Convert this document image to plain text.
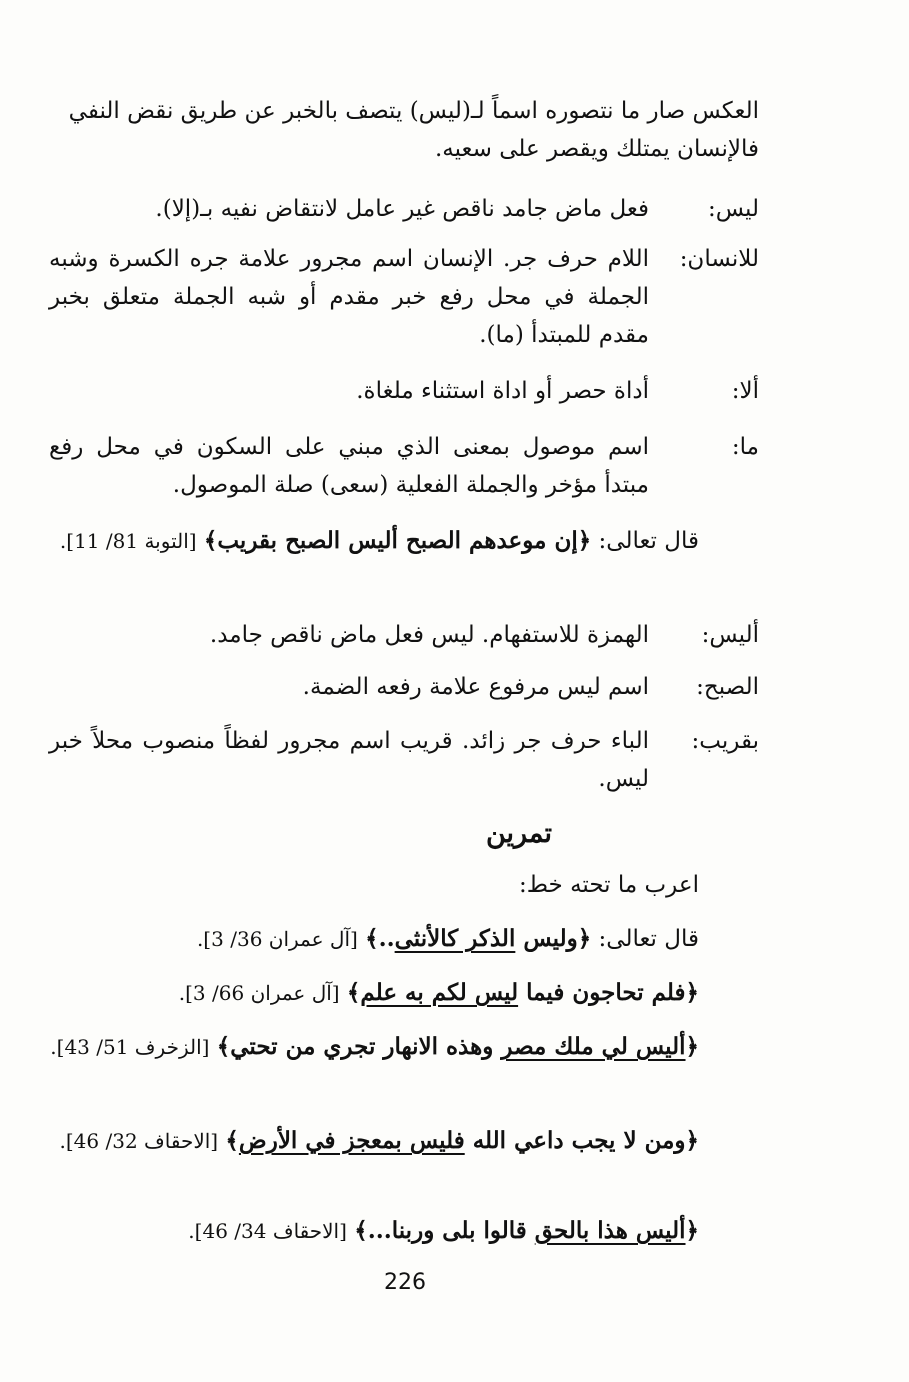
العكس صار ما نتصوره اسماً لـ(ليس) يتصف بالخبر عن طريق نقض النفي
فالإنسان يمتلك ويقصر على سعيه.
ليس:
فعل ماض جامد ناقص غير عامل لانتقاض نفيه بـ(إلا).
للانسان:
اللام حرف جر. الإنسان اسم مجرور علامة جره الكسرة وشبه الجملة في محل رفع خبر مقدم أو شبه الجملة متعلق بخبر مقدم للمبتدأ (ما).
ألا:
أداة حصر أو اداة استثناء ملغاة.
ما:
اسم موصول بمعنى الذي مبني على السكون في محل رفع مبتدأ مؤخر والجملة الفعلية (سعى) صلة الموصول.
قال تعالى: ﴿إن موعدهم الصبح أليس الصبح بقريب﴾ [التوبة 81/ 11].
أليس:
الهمزة للاستفهام. ليس فعل ماض ناقص جامد.
الصبح:
اسم ليس مرفوع علامة رفعه الضمة.
بقريب:
الباء حرف جر زائد. قريب اسم مجرور لفظاً منصوب محلاً خبر ليس.
تمرين
اعرب ما تحته خط:
قال تعالى: ﴿وليس الذكر كالأنثى..﴾ [آل عمران 36/ 3].
﴿فلم تحاجون فيما ليس لكم به علم﴾ [آل عمران 66/ 3].
﴿أليس لي ملك مصر وهذه الانهار تجري من تحتي﴾ [الزخرف 51/ 43].
﴿ومن لا يجب داعي الله فليس بمعجز في الأرض﴾ [الاحقاف 32/ 46].
﴿أليس هذا بالحق قالوا بلى وربنا...﴾ [الاحقاف 34/ 46].
226
